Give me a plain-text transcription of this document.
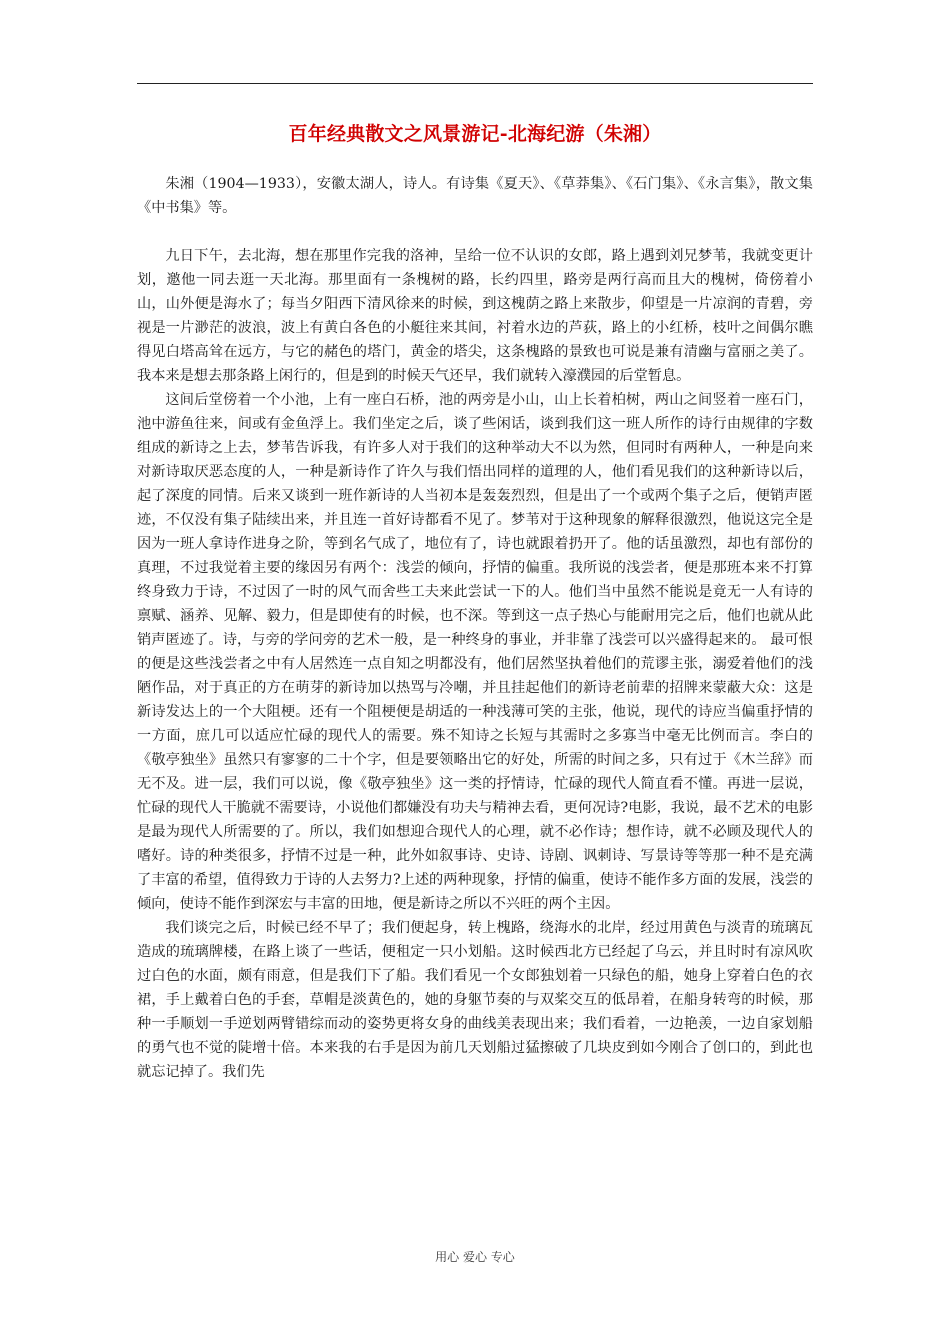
百年经典散文之风景游记-北海纪游（朱湘）

朱湘（1904—1933），安徽太湖人，诗人。有诗集《夏天》、《草莽集》、《石门集》、《永言集》，散文集《中书集》等。

九日下午，去北海，想在那里作完我的洛神，呈给一位不认识的女郎，路上遇到刘兄梦苇，我就变更计划，邀他一同去逛一天北海。那里面有一条槐树的路，长约四里，路旁是两行高而且大的槐树，倚傍着小山，山外便是海水了；每当夕阳西下清风徐来的时候，到这槐荫之路上来散步，仰望是一片凉润的青碧，旁视是一片渺茫的波浪，波上有黄白各色的小艇往来其间，衬着水边的芦荻，路上的小红桥，枝叶之间偶尔瞧得见白塔高耸在远方，与它的赭色的塔门，黄金的塔尖，这条槐路的景致也可说是兼有清幽与富丽之美了。我本来是想去那条路上闲行的，但是到的时候天气还早，我们就转入濠濮园的后堂暂息。

这间后堂傍着一个小池，上有一座白石桥，池的两旁是小山，山上长着柏树，两山之间竖着一座石门，池中游鱼往来，间或有金鱼浮上。我们坐定之后，谈了些闲话，谈到我们这一班人所作的诗行由规律的字数组成的新诗之上去，梦苇告诉我，有许多人对于我们的这种举动大不以为然，但同时有两种人，一种是向来对新诗取厌恶态度的人，一种是新诗作了许久与我们悟出同样的道理的人，他们看见我们的这种新诗以后，起了深度的同情。后来又谈到一班作新诗的人当初本是轰轰烈烈，但是出了一个或两个集子之后，便销声匿迹，不仅没有集子陆续出来，并且连一首好诗都看不见了。梦苇对于这种现象的解释很激烈，他说这完全是因为一班人拿诗作进身之阶，等到名气成了，地位有了，诗也就跟着扔开了。他的话虽激烈，却也有部份的真理，不过我觉着主要的缘因另有两个：浅尝的倾向，抒情的偏重。我所说的浅尝者，便是那班本来不打算终身致力于诗，不过因了一时的风气而舍些工夫来此尝试一下的人。他们当中虽然不能说是竟无一人有诗的禀赋、涵养、见解、毅力，但是即使有的时候，也不深。等到这一点子热心与能耐用完之后，他们也就从此销声匿迹了。诗，与旁的学问旁的艺术一般，是一种终身的事业，并非靠了浅尝可以兴盛得起来的。 最可恨的便是这些浅尝者之中有人居然连一点自知之明都没有，他们居然坚执着他们的荒谬主张，溺爱着他们的浅陋作品，对于真正的方在萌芽的新诗加以热骂与冷嘲，并且挂起他们的新诗老前辈的招牌来蒙蔽大众：这是新诗发达上的一个大阻梗。还有一个阻梗便是胡适的一种浅薄可笑的主张，他说，现代的诗应当偏重抒情的一方面，庶几可以适应忙碌的现代人的需要。殊不知诗之长短与其需时之多寡当中毫无比例而言。李白的《敬亭独坐》虽然只有寥寥的二十个字，但是要领略出它的好处，所需的时间之多，只有过于《木兰辞》而无不及。进一层，我们可以说，像《敬亭独坐》这一类的抒情诗，忙碌的现代人简直看不懂。再进一层说，忙碌的现代人干脆就不需要诗，小说他们都嫌没有功夫与精神去看，更何况诗?电影，我说，最不艺术的电影是最为现代人所需要的了。所以，我们如想迎合现代人的心理，就不必作诗；想作诗，就不必顾及现代人的嗜好。诗的种类很多，抒情不过是一种，此外如叙事诗、史诗、诗剧、讽刺诗、写景诗等等那一种不是充满了丰富的希望，值得致力于诗的人去努力?上述的两种现象，抒情的偏重，使诗不能作多方面的发展，浅尝的倾向，使诗不能作到深宏与丰富的田地，便是新诗之所以不兴旺的两个主因。

我们谈完之后，时候已经不早了；我们便起身，转上槐路，绕海水的北岸，经过用黄色与淡青的琉璃瓦造成的琉璃牌楼，在路上谈了一些话，便租定一只小划船。这时候西北方已经起了乌云，并且时时有凉风吹过白色的水面，颇有雨意，但是我们下了船。我们看见一个女郎独划着一只绿色的船，她身上穿着白色的衣裙，手上戴着白色的手套，草帽是淡黄色的，她的身躯节奏的与双桨交互的低昂着，在船身转弯的时候，那种一手顺划一手逆划两臂错综而动的姿势更将女身的曲线美表现出来；我们看着，一边艳羡，一边自家划船的勇气也不觉的陡增十倍。本来我的右手是因为前几天划船过猛擦破了几块皮到如今刚合了创口的，到此也就忘记掉了。我们先

用心 爱心 专心
